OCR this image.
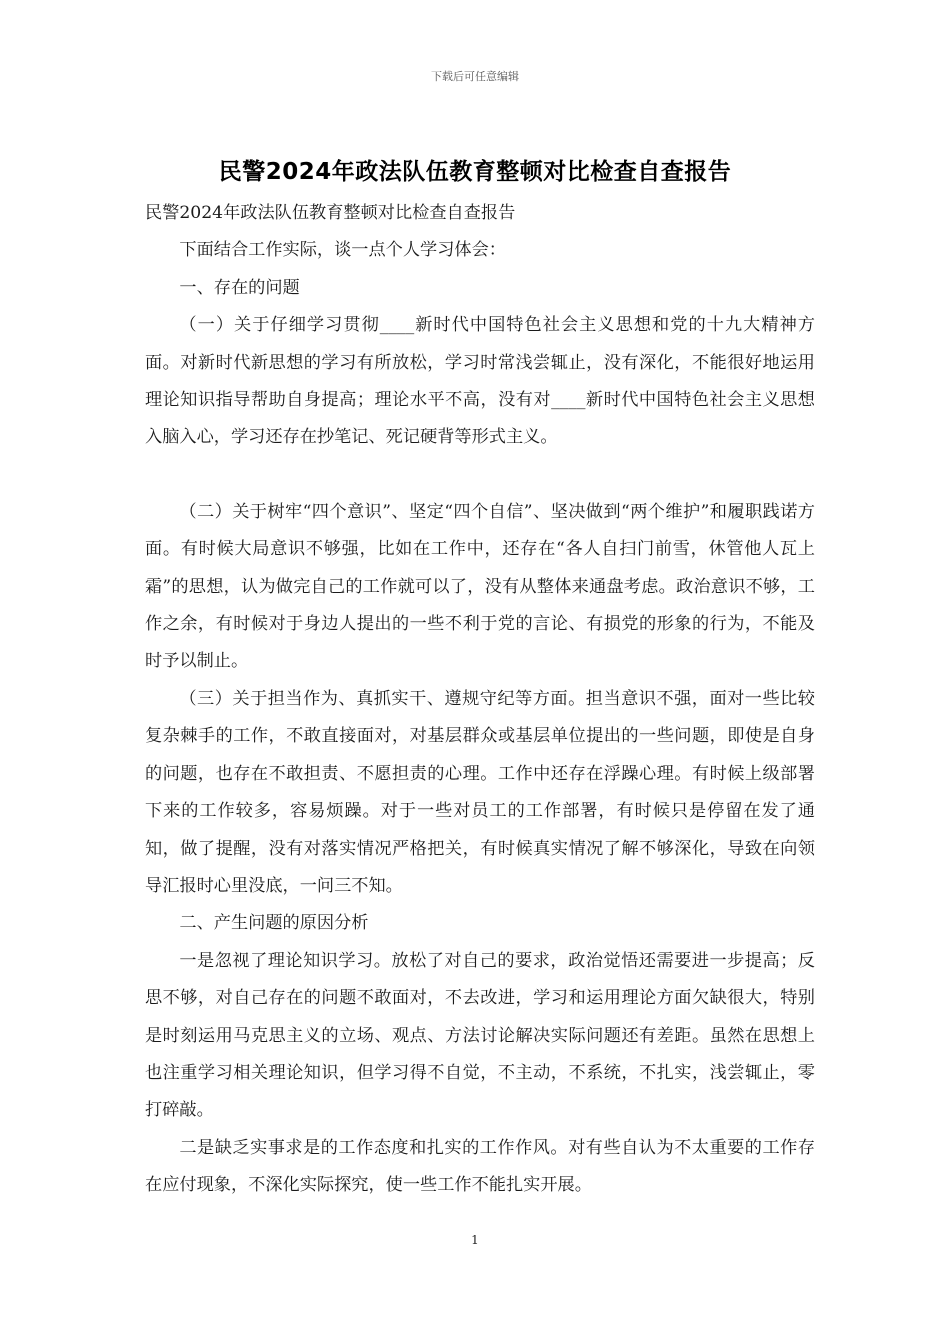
下载后可任意编辑
民警2024年政法队伍教育整顿对比检查自查报告

民警2024年政法队伍教育整顿对比检查自查报告

下面结合工作实际，谈一点个人学习体会：

一、存在的问题

（一）关于仔细学习贯彻____新时代中国特色社会主义思想和党的十九大精神方面。对新时代新思想的学习有所放松，学习时常浅尝辄止，没有深化，不能很好地运用理论知识指导帮助自身提高；理论水平不高，没有对____新时代中国特色社会主义思想入脑入心，学习还存在抄笔记、死记硬背等形式主义。

（二）关于树牢“四个意识”、坚定“四个自信”、坚决做到“两个维护”和履职践诺方面。有时候大局意识不够强，比如在工作中，还存在“各人自扫门前雪，休管他人瓦上霜”的思想，认为做完自己的工作就可以了，没有从整体来通盘考虑。政治意识不够，工作之余，有时候对于身边人提出的一些不利于党的言论、有损党的形象的行为，不能及时予以制止。

（三）关于担当作为、真抓实干、遵规守纪等方面。担当意识不强，面对一些比较复杂棘手的工作，不敢直接面对，对基层群众或基层单位提出的一些问题，即使是自身的问题，也存在不敢担责、不愿担责的心理。工作中还存在浮躁心理。有时候上级部署下来的工作较多，容易烦躁。对于一些对员工的工作部署，有时候只是停留在发了通知，做了提醒，没有对落实情况严格把关，有时候真实情况了解不够深化，导致在向领导汇报时心里没底，一问三不知。

二、产生问题的原因分析

一是忽视了理论知识学习。放松了对自己的要求，政治觉悟还需要进一步提高；反思不够，对自己存在的问题不敢面对，不去改进，学习和运用理论方面欠缺很大，特别是时刻运用马克思主义的立场、观点、方法讨论解决实际问题还有差距。虽然在思想上也注重学习相关理论知识，但学习得不自觉，不主动，不系统，不扎实，浅尝辄止，零打碎敲。

二是缺乏实事求是的工作态度和扎实的工作作风。对有些自认为不太重要的工作存在应付现象，不深化实际探究，使一些工作不能扎实开展。

1
